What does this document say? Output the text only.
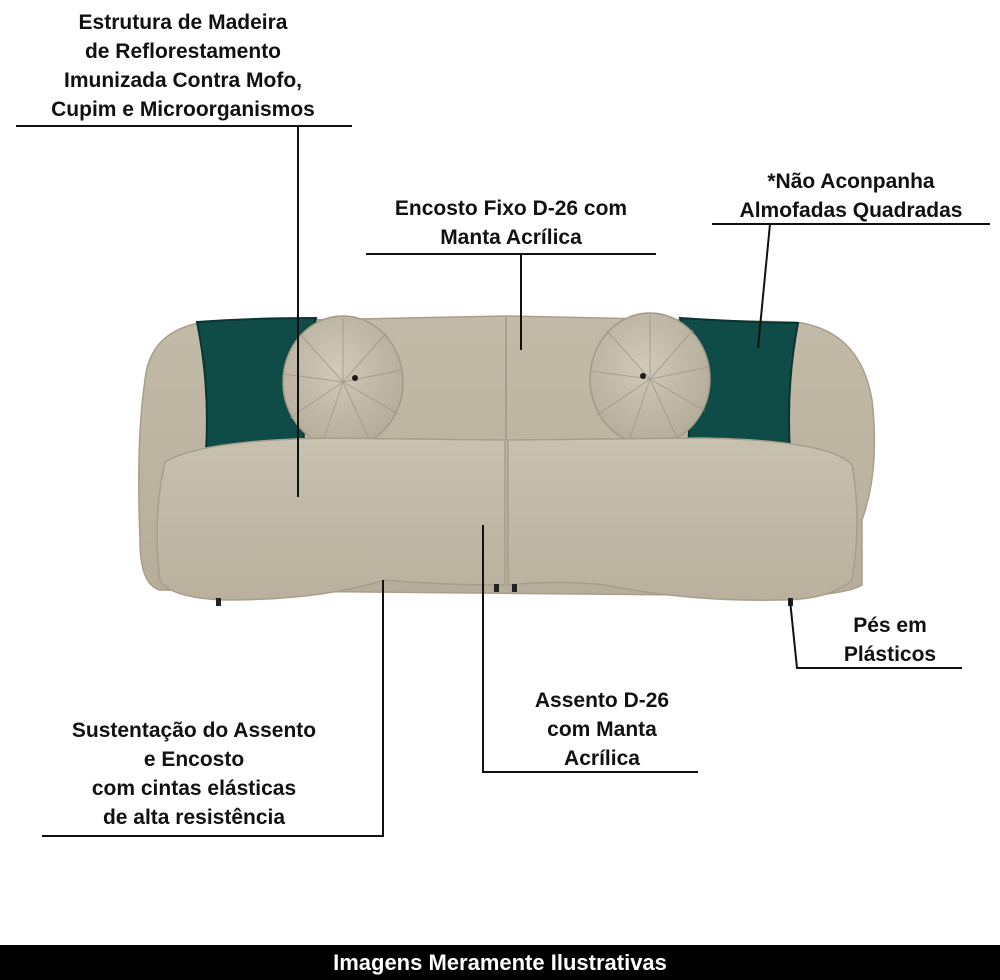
Estrutura de Madeira
de Reflorestamento
Imunizada Contra Mofo,
Cupim e Microorganismos
Encosto Fixo D-26 com
Manta Acrílica
*Não Aconpanha
Almofadas Quadradas
Pés em
Plásticos
Assento D-26
com Manta
Acrílica
Sustentação do Assento
e Encosto
com cintas elásticas
de alta resistência
Imagens Meramente Ilustrativas
